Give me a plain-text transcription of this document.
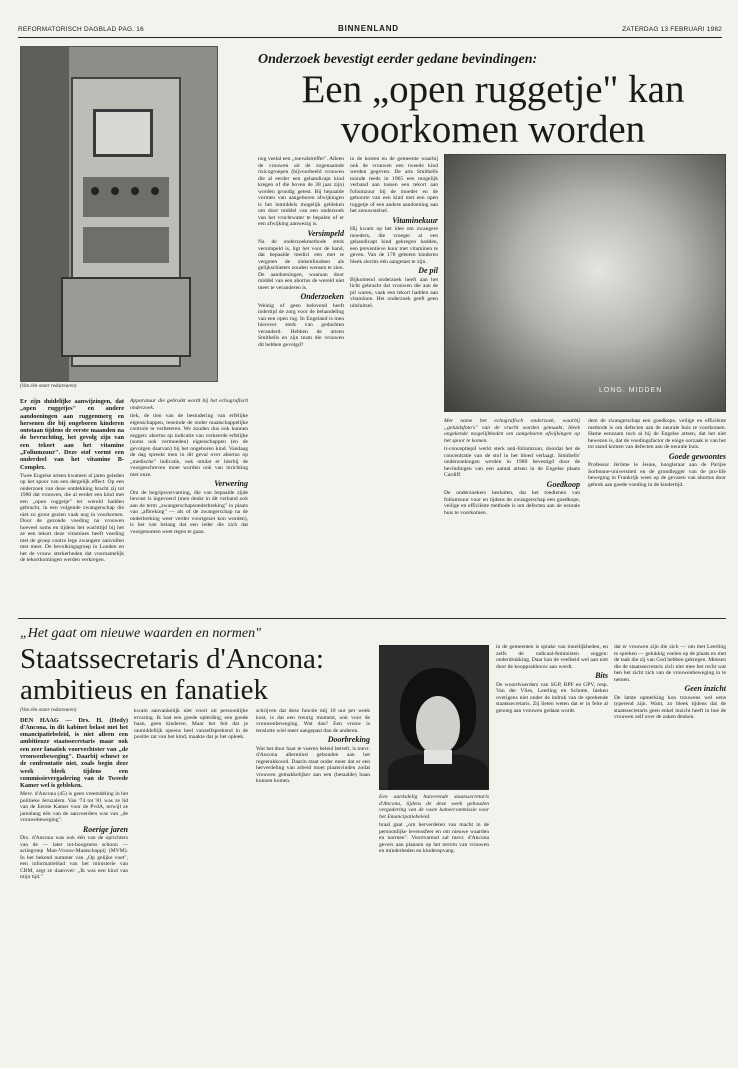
REFORMATORISCH DAGBLAD PAG. 16	BINNENLAND	ZATERDAG 13 FEBRUARI 1982
(Van één onzer redacteuren)
Onderzoek bevestigt eerder gedane bevindingen:
Een „open ruggetje" kan voorkomen worden
LONG. MIDDEN

Er zijn duidelijke aanwijzingen, dat „open ruggetjes" en andere aandoeningen aan ruggenmerg en hersenen die bij ongeboren kinderen ontstaan tijdens de eerste maanden na de bevruchting, het gevolg zijn van een tekort aan het vitamine „Foliumzuur". Deze stof vormt een onderdeel van het vitamine B-Complex.

Twee Engelse artsen kwamen al jaren geleden op het spoor van een dergelijk effect. Op een onderzoek van deze ontdekking bracht zij tot 1980 dat vrouwen, die al eerder een kind met een „open ruggetje" ter wereld hadden gebracht, in een volgende zwangerschap die niet zo groot gezien vaak nog in voorkomen. Door de gezonde voeding na vrouwen hoeveel soms en tijdens het wachttijd bij het ze een tekort deze vitamines heeft voeding met de groep contra lege zwangere aanvullen met meer. De bevolkingsgroep in Londen en het de vrouw sterkerheden dat voornamelijk de tekortkomingen werden verkregen.

Apparatuur die gebruikt wordt bij het echografisch onderzoek.

tiek, de tien van de bestudering van erfelijke eigenschappen, teneinde de onder maatschappelijke controle te verbeteren. We zouden dus ook kunnen zeggen: abortus op indicatie van verkeerde erfelijke (soms ook vermoeden) eigenschappen (en de gevolgen daarvan) bij het ongeboren kind. Vandaag de dag spreekt men in dit geval over abortus op „medische" indicatie, ook omdat er hierbij de voorgeschreven moet worden ook van inrichting met onze.

Verwering

Om de begripsvervaming, die van bepaalde zijde bewust is ingevoerd (men denkt in dit verband ook aan de term „zwangerschapsonderbreking" in plaats van „afbreking" — als of de zwangerschap na de onderbreking weer verder voortgezet kon worden), is het van belang dat een ieder die zich dat voorgenomen weet tegen te gaan.

nog veelal een „toevalstreffer". Alleen de vrouwen uit de zogenaamde risicogroepen (bijvoorbeeld vrouwen die al eerder een gehandicapt kind kregen of die boven de 38 jaar zijn) worden grondig getest. Bij bepaalde vormen van aangeboren afwijkingen is het inmiddels mogelijk gebleken om door middel van een onderzoek van het vruchtwater te bepalen of er een afwijking aanwezig is.

Versimpeld

Na de onderzoekmethode sterk versimpeld is, ligt het voor de hand, dat bepaalde medici een met te vergeten de ziekenfondsen als gelijkschieters zouden wensen te zien. De aandoeningen, waaraan door middel van een abortus de wereld niet meer te veranderen is.

Onderzoeken

Weinig of geen belovend heeft indertijd de zorg voor de behandeling van een open rug. In Engeland is men hierover sterk van gedachten veranderd. Hebben de artsen Smithells en zijn team die vrouwen dit hebben gevolgd?

in de kosten en de gemeente waarbij ook de vrouwen een tweede kind werden gegeven. De arts Smithells toonde reeds in 1965 een mogelijk verband aan tussen een tekort aan foliumzuur bij de moeder en de geboorte van een kind met een open ruggetje of een andere aandoening aan het zenuwstelsel.

Vitaminekuur

Hij kwam op het idee om zwangere moeders, die vroeger al een gehandicapt kind gekregen hadden, een preventieve kuur met vitaminen te geven. Van de 178 gebeten kinderen bleek slechts één aangetast te zijn.

De pil

Bijkomend onderzoek heeft aan het licht gebracht dat vrouwen die aan de pil waren, vaak een tekort hadden aan vitaminen. Het onderzoek geeft geen uitsluitsel.

Met name het echografisch onderzoek, waarbij „geluidsfoto's" van de vrucht worden gemaakt, bleek ongekende mogelijkheden om aangeboren afwijkingen op het spoor te komen.

ti-conceptiepil werkt sterk anti-foliumzuur, doordat het de concentratie van de stof in het bloed verlaagt. Smithells' onderzoekingen werden in 1980 bevestigd door de bevindingen van een aantal artsen in de Engelse plaats Cardiff.

Goedkoop

De onderzoekers besluiten, dat het toedienen van foliumzuur voor en tijdens de zwangerschap een goedkope, veilige en efficiënte methode is om defecten aan de neurale buis te voorkomen.

dem de zwangerschap een goedkope, veilige en efficiënte methode is om defecten aan de neurale buis te voorkomen. Hame eenzaam toch al bij de Engelse artsen, dat het niet bewezen is, dat de voedingsfactor de enige oorzaak is van het tot stand komen van defecten aan de neurale buis.

Goede gewoontes

Professor Jérôme le Jeune, hoogleraar aan de Parijse Sorbonne-universiteit en de grondlegger van de pro-life beweging in Frankrijk wees op de gevaren van abortus door gebrek aan goede voeding in de kindertijd.

„Het gaat om nieuwe waarden en normen"
Staatssecretaris d'Ancona: ambitieus en fanatiek

(Van één onzer redacteuren)

DEN HAAG — Drs. H. (Hedy) d'Ancona, in dit kabinet belast met het emancipatiebeleid, is niet alleen een ambitieuze staatssecretaris maar ook een zeer fanatiek voorvechtster van „de vrouwenbeweging". Daarbij schuwt ze de confrontatie niet, zoals begin deze week bleek tijdens een commissievergadering van de Tweede Kamer wel is gebleken.

Mevr. d'Ancona (45) is geen vreemdeling in het politieke Jeruzalem. Van '74 tot '81 was ze lid van de Eerste Kamer voor de PvdA, terwijl ze jarenlang één van de aanvoerders was van „de vrouwebeweging".

Roerige jaren

Drs. d'Ancona was ook één van de oprichters van de — later tot-hoogstens schoon — actiegroep Man-Vrouw-Maatschappij (MVM). In het bekend nummer van „Op gelijke voet", een informatieblad van het ministerie van CRM, zegt ze daarover: „Ik was een kind van mijn tijd."

kwam aanvankelijk niet voort uit persoonlijke ervaring. Ik had een goede opleiding, een goede baan, geen kinderen. Maar het feit dat je onmiddellijk opeens heel vanzelfsprekend in de positie zat van het kind, maakte dat je het opleek.

schrijven dat deze functie mij 10 uur per week kost, is dat een treurig moment, ook voor de vrouwenbeweging. Wat dan? Een vrouw is tenslotte wiel meer aangepast dan de anderen.

Doorbreking

Wat het door haar te voeren beleid betreft, is mevr. d'Ancona allerminst gebonden aan het regeerakkoord. Daarin staat onder meer dat er een herverdeling van arbeid moet plaatsvinden zodat vrouwen gemakkelijker aan een (betaalde) baan kunnen komen.

Een aardsdelig huiverende staatssecretaris d'Ancona, tijdens de deze week gehouden vergadering van de vaste kamercommissie voor het Emancipatiebeleid.

braal gaat „om herverdelen van macht in de persoonlijke levenssfeer en om nieuwe waarden en normen". Voortvarend zal mevr. d'Ancona gevers aan plannen op het terrein van vrouwen en minderheden en kinderopvang.

in de gemeenten is sprake van moeilijkheden, en zelfs de radicaal-feministen zeggen: onderdrukking. Daar kan de veelheid wel aan niet door de koopprakbouw aan wordt.

Bits

De woordvoerders van SGP, RPF en GPV, resp. Van der Vlies, Leerling en Schutte, hieken overigens niet onder de indruk van de sprekende staatssecretaris. Zij lieten weten dat er in feite al genoeg aan vrouwen gedaan wordt.

dat er vrouwen zijn die zich — om met Leerling te spreken — gelukkig voelen op de plaats en met de taak die zij van God hebben gekregen. Mensen die de staatssecretaris zich niet mee het recht wat hen het zicht zich van de vrouwenbeweging in te nemen.

Geen inzicht

De latste opmerking kon trouwens wel eens typerend zijn. Want, zo bleek tijdens dat de staatssecretaris geen enkel inzicht heeft in hoe de vrouwen zelf over de zaken denken.
